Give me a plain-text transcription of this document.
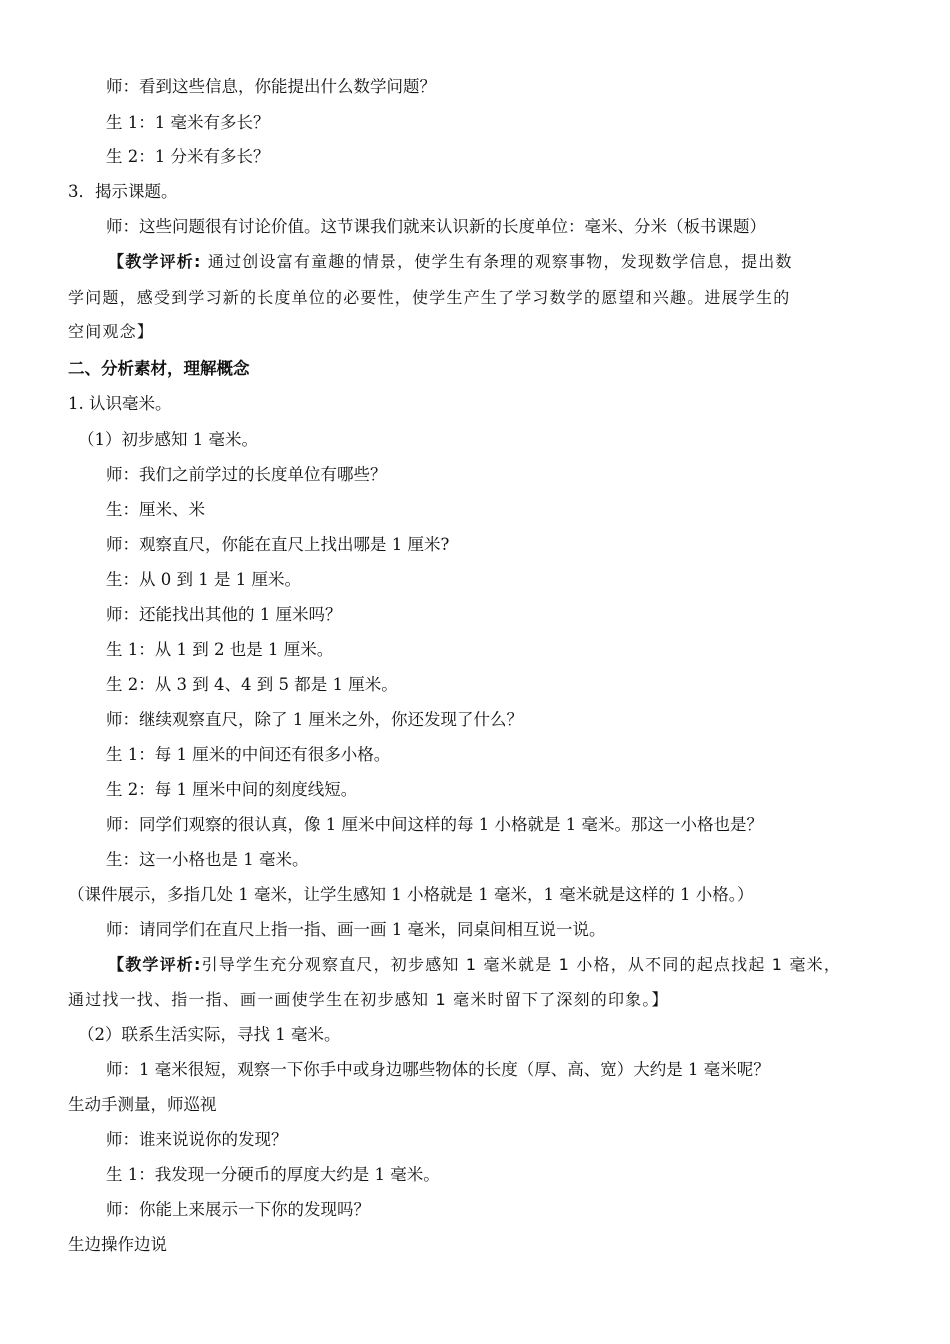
师：看到这些信息，你能提出什么数学问题？
生 1：1 毫米有多长？
生 2：1 分米有多长？
3．揭示课题。
师：这些问题很有讨论价值。这节课我们就来认识新的长度单位：毫米、分米（板书课题）
【教学评析: 通过创设富有童趣的情景，使学生有条理的观察事物，发现数学信息，提出数
学问题，感受到学习新的长度单位的必要性，使学生产生了学习数学的愿望和兴趣。进展学生的
空间观念】
二、分析素材，理解概念
1. 认识毫米。
（1）初步感知 1 毫米。
师：我们之前学过的长度单位有哪些？
生：厘米、米
师：观察直尺，你能在直尺上找出哪是 1 厘米?
生：从 0 到 1 是 1 厘米。
师：还能找出其他的 1 厘米吗？
生 1：从 1 到 2 也是 1 厘米。
生 2：从 3 到 4、4 到 5 都是 1 厘米。
师：继续观察直尺，除了 1 厘米之外，你还发现了什么？
生 1：每 1 厘米的中间还有很多小格。
生 2：每 1 厘米中间的刻度线短。
师：同学们观察的很认真，像 1 厘米中间这样的每 1 小格就是 1 毫米。那这一小格也是？
生：这一小格也是 1 毫米。
（课件展示，多指几处 1 毫米，让学生感知 1 小格就是 1 毫米，1 毫米就是这样的 1 小格。）
师：请同学们在直尺上指一指、画一画 1 毫米，同桌间相互说一说。
【教学评析:引导学生充分观察直尺，初步感知 1 毫米就是 1 小格，从不同的起点找起 1 毫米，
通过找一找、指一指、画一画使学生在初步感知 1 毫米时留下了深刻的印象。】
（2）联系生活实际，寻找 1 毫米。
师：1 毫米很短，观察一下你手中或身边哪些物体的长度（厚、高、宽）大约是 1 毫米呢？
生动手测量，师巡视
师：谁来说说你的发现？
生 1：我发现一分硬币的厚度大约是 1 毫米。
师：你能上来展示一下你的发现吗？
生边操作边说
